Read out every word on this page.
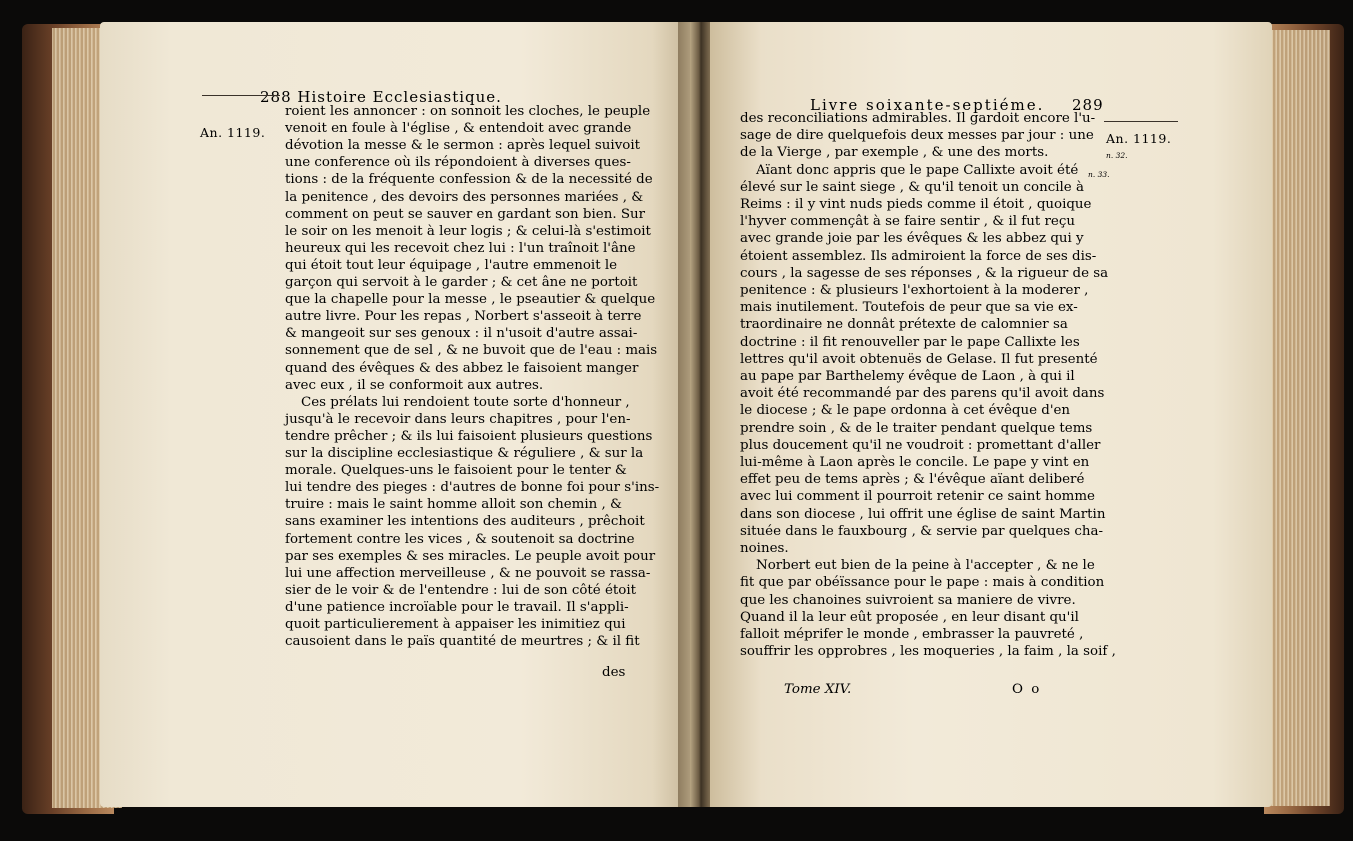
288 Histoire Ecclesiastique.
An. 1119.
roient les annoncer : on sonnoit les cloches, le peuple
venoit en foule à l'église , & entendoit avec grande
dévotion la messe & le sermon : après lequel suivoit
une conference où ils répondoient à diverses ques-
tions : de la fréquente confession & de la necessité de
la penitence , des devoirs des personnes mariées , &
comment on peut se sauver en gardant son bien. Sur
le soir on les menoit à leur logis ; & celui-là s'estimoit
heureux qui les recevoit chez lui : l'un traînoit l'âne
qui étoit tout leur équipage , l'autre emmenoit le
garçon qui servoit à le garder ; & cet âne ne portoit
que la chapelle pour la messe , le pseautier & quelque
autre livre. Pour les repas , Norbert s'asseoit à terre
& mangeoit sur ses genoux : il n'usoit d'autre assai-
sonnement que de sel , & ne buvoit que de l'eau : mais
quand des évêques & des abbez le faisoient manger
avec eux , il se conformoit aux autres.
Ces prélats lui rendoient toute sorte d'honneur ,
jusqu'à le recevoir dans leurs chapitres , pour l'en-
tendre prêcher ; & ils lui faisoient plusieurs questions
sur la discipline ecclesiastique & réguliere , & sur la
morale. Quelques-uns le faisoient pour le tenter &
lui tendre des pieges : d'autres de bonne foi pour s'ins-
truire : mais le saint homme alloit son chemin , &
sans examiner les intentions des auditeurs , prêchoit
fortement contre les vices , & soutenoit sa doctrine
par ses exemples & ses miracles. Le peuple avoit pour
lui une affection merveilleuse , & ne pouvoit se rassa-
sier de le voir & de l'entendre : lui de son côté étoit
d'une patience incroïable pour le travail. Il s'appli-
quoit particulierement à appaiser les inimitiez qui
causoient dans le païs quantité de meurtres ; & il fit
des
Livre soixante-septiéme. 289
An. 1119.
n. 32.
n. 33.
des reconciliations admirables. Il gardoit encore l'u-
sage de dire quelquefois deux messes par jour : une
de la Vierge , par exemple , & une des morts.
Aïant donc appris que le pape Callixte avoit été
élevé sur le saint siege , & qu'il tenoit un concile à
Reims : il y vint nuds pieds comme il étoit , quoique
l'hyver commençât à se faire sentir , & il fut reçu
avec grande joie par les évêques & les abbez qui y
étoient assemblez. Ils admiroient la force de ses dis-
cours , la sagesse de ses réponses , & la rigueur de sa
penitence : & plusieurs l'exhortoient à la moderer ,
mais inutilement. Toutefois de peur que sa vie ex-
traordinaire ne donnât prétexte de calomnier sa
doctrine : il fit renouveller par le pape Callixte les
lettres qu'il avoit obtenuës de Gelase. Il fut presenté
au pape par Barthelemy évêque de Laon , à qui il
avoit été recommandé par des parens qu'il avoit dans
le diocese ; & le pape ordonna à cet évêque d'en
prendre soin , & de le traiter pendant quelque tems
plus doucement qu'il ne voudroit : promettant d'aller
lui-même à Laon après le concile. Le pape y vint en
effet peu de tems après ; & l'évêque aïant deliberé
avec lui comment il pourroit retenir ce saint homme
dans son diocese , lui offrit une église de saint Martin
située dans le fauxbourg , & servie par quelques cha-
noines.
Norbert eut bien de la peine à l'accepter , & ne le
fit que par obéïssance pour le pape : mais à condition
que les chanoines suivroient sa maniere de vivre.
Quand il la leur eût proposée , en leur disant qu'il
falloit méprifer le monde , embrasser la pauvreté ,
souffrir les opprobres , les moqueries , la faim , la soif ,
Tome XIV.	O o
